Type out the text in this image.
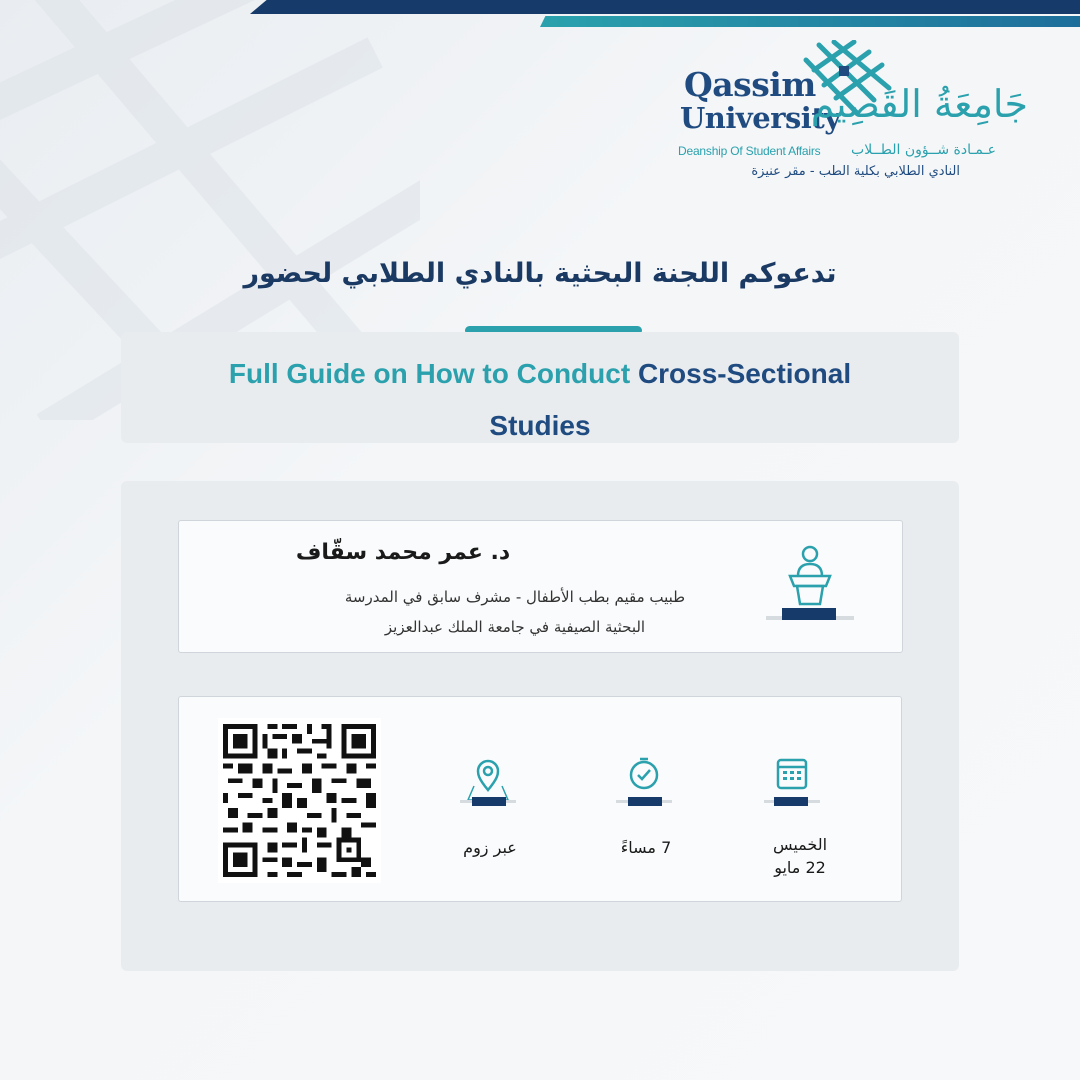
Qassim
University
Deanship Of Student Affairs
جَامِعَةُ القَصِيم
عـمـادة شــؤون الطــلاب
النادي الطلابي بكلية الطب - مقر عنيزة
تدعوكم اللجنة البحثية بالنادي الطلابي لحضور
Full Guide on How to Conduct Cross-Sectional
Studies
د. عمر محمد سقّاف
طبيب مقيم بطب الأطفال - مشرف سابق في المدرسة
البحثية الصيفية في جامعة الملك عبدالعزيز
الخميس
22 مايو
7 مساءً
عبر زوم
